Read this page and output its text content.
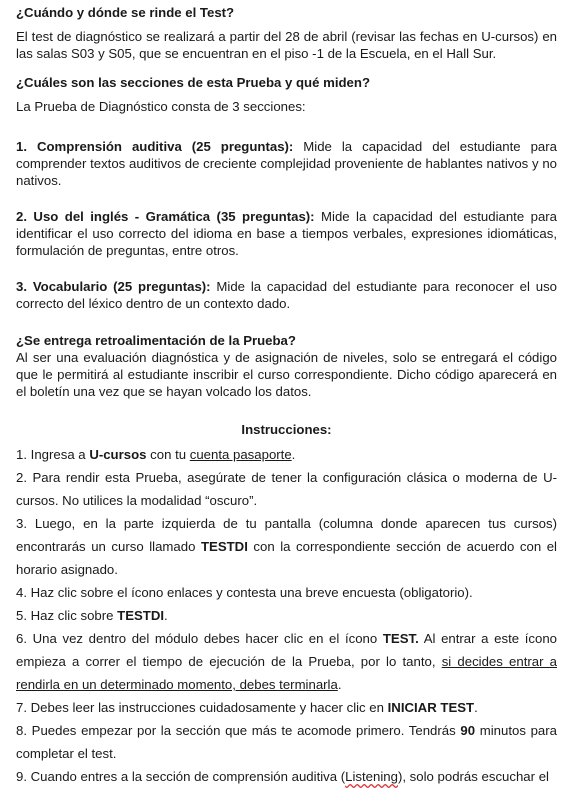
¿Cuándo y dónde se rinde el Test?

El test de diagnóstico se realizará a partir del 28 de abril (revisar las fechas en U-cursos) en las salas S03 y S05, que se encuentran en el piso -1 de la Escuela, en el Hall Sur.

¿Cuáles son las secciones de esta Prueba y qué miden?

La Prueba de Diagnóstico consta de 3 secciones:

1. Comprensión auditiva (25 preguntas): Mide la capacidad del estudiante para comprender textos auditivos de creciente complejidad proveniente de hablantes nativos y no nativos.

2. Uso del inglés - Gramática (35 preguntas): Mide la capacidad del estudiante para identificar el uso correcto del idioma en base a tiempos verbales, expresiones idiomáticas, formulación de preguntas, entre otros.

3. Vocabulario (25 preguntas): Mide la capacidad del estudiante para reconocer el uso correcto del léxico dentro de un contexto dado.

¿Se entrega retroalimentación de la Prueba?

Al ser una evaluación diagnóstica y de asignación de niveles, solo se entregará el código que le permitirá al estudiante inscribir el curso correspondiente. Dicho código aparecerá en el boletín una vez que se hayan volcado los datos.

Instrucciones:

1. Ingresa a U-cursos con tu cuenta pasaporte.

2. Para rendir esta Prueba, asegúrate de tener la configuración clásica o moderna de U-cursos. No utilices la modalidad “oscuro”.

3. Luego, en la parte izquierda de tu pantalla (columna donde aparecen tus cursos) encontrarás un curso llamado TESTDI con la correspondiente sección de acuerdo con el horario asignado.

4. Haz clic sobre el ícono enlaces y contesta una breve encuesta (obligatorio).

5. Haz clic sobre TESTDI.

6. Una vez dentro del módulo debes hacer clic en el ícono TEST. Al entrar a este ícono empieza a correr el tiempo de ejecución de la Prueba, por lo tanto, si decides entrar a rendirla en un determinado momento, debes terminarla.

7. Debes leer las instrucciones cuidadosamente y hacer clic en INICIAR TEST.

8. Puedes empezar por la sección que más te acomode primero. Tendrás 90 minutos para completar el test.

9. Cuando entres a la sección de comprensión auditiva (Listening), solo podrás escuchar el
